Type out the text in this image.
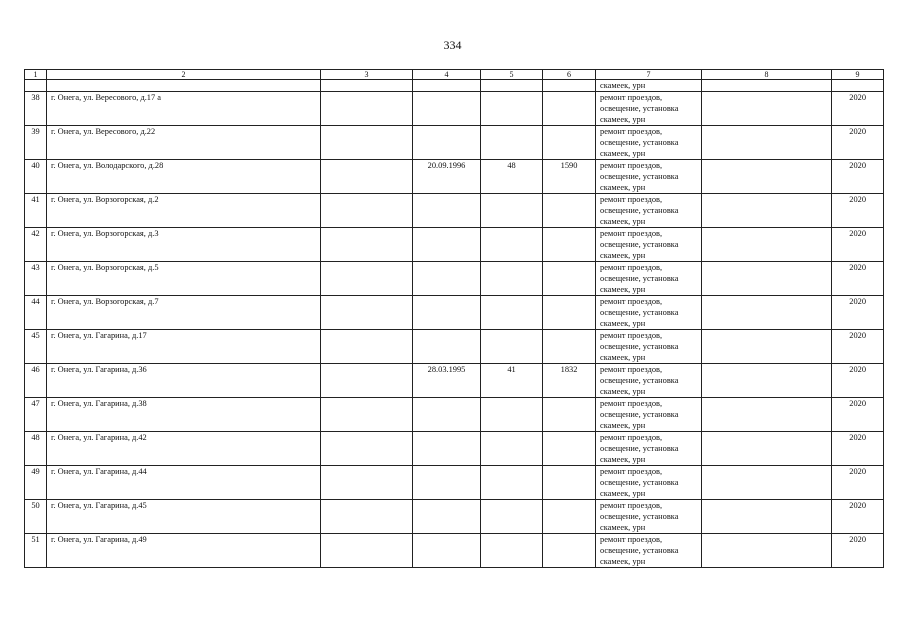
334
1	2	3	4	5	6	7	8	9
						скамеек, урн		
38	г. Онега, ул. Вересового, д.17 а					ремонт проездов, освещение, установка скамеек, урн		2020
39	г. Онега, ул. Вересового, д.22					ремонт проездов, освещение, установка скамеек, урн		2020
40	г. Онега, ул. Володарского, д.28		20.09.1996	48	1590	ремонт проездов, освещение, установка скамеек, урн		2020
41	г. Онега, ул. Ворзогорская, д.2					ремонт проездов, освещение, установка скамеек, урн		2020
42	г. Онега, ул. Ворзогорская, д.3					ремонт проездов, освещение, установка скамеек, урн		2020
43	г. Онега, ул. Ворзогорская, д.5					ремонт проездов, освещение, установка скамеек, урн		2020
44	г. Онега, ул. Ворзогорская, д.7					ремонт проездов, освещение, установка скамеек, урн		2020
45	г. Онега, ул. Гагарина, д.17					ремонт проездов, освещение, установка скамеек, урн		2020
46	г. Онега, ул. Гагарина, д.36		28.03.1995	41	1832	ремонт проездов, освещение, установка скамеек, урн		2020
47	г. Онега, ул. Гагарина, д.38					ремонт проездов, освещение, установка скамеек, урн		2020
48	г. Онега, ул. Гагарина, д.42					ремонт проездов, освещение, установка скамеек, урн		2020
49	г. Онега, ул. Гагарина, д.44					ремонт проездов, освещение, установка скамеек, урн		2020
50	г. Онега, ул. Гагарина, д.45					ремонт проездов, освещение, установка скамеек, урн		2020
51	г. Онега, ул. Гагарина, д.49					ремонт проездов, освещение, установка скамеек, урн		2020
